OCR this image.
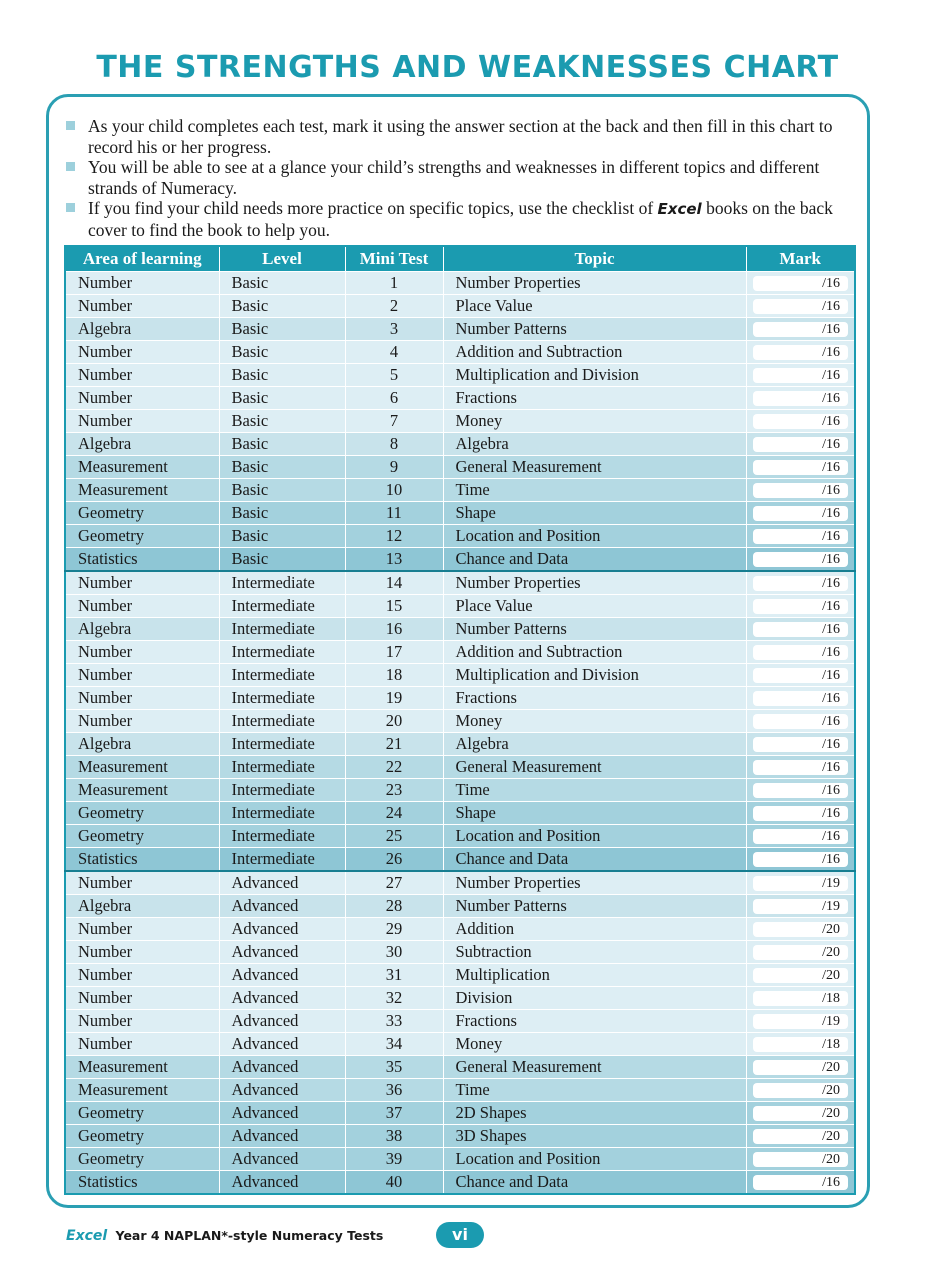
THE STRENGTHS AND WEAKNESSES CHART
As your child completes each test, mark it using the answer section at the back and then fill in this chart to record his or her progress.
You will be able to see at a glance your child’s strengths and weaknesses in different topics and different strands of Numeracy.
If you find your child needs more practice on specific topics, use the checklist of Excel books on the back cover to find the book to help you.
Area of learning	Level	Mini Test	Topic	Mark
Number	Basic	1	Number Properties	/16

Number	Basic	2	Place Value	/16

Algebra	Basic	3	Number Patterns	/16

Number	Basic	4	Addition and Subtraction	/16

Number	Basic	5	Multiplication and Division	/16

Number	Basic	6	Fractions	/16

Number	Basic	7	Money	/16

Algebra	Basic	8	Algebra	/16

Measurement	Basic	9	General Measurement	/16

Measurement	Basic	10	Time	/16

Geometry	Basic	11	Shape	/16

Geometry	Basic	12	Location and Position	/16

Statistics	Basic	13	Chance and Data	/16

Number	Intermediate	14	Number Properties	/16

Number	Intermediate	15	Place Value	/16

Algebra	Intermediate	16	Number Patterns	/16

Number	Intermediate	17	Addition and Subtraction	/16

Number	Intermediate	18	Multiplication and Division	/16

Number	Intermediate	19	Fractions	/16

Number	Intermediate	20	Money	/16

Algebra	Intermediate	21	Algebra	/16

Measurement	Intermediate	22	General Measurement	/16

Measurement	Intermediate	23	Time	/16

Geometry	Intermediate	24	Shape	/16

Geometry	Intermediate	25	Location and Position	/16

Statistics	Intermediate	26	Chance and Data	/16

Number	Advanced	27	Number Properties	/19

Algebra	Advanced	28	Number Patterns	/19

Number	Advanced	29	Addition	/20

Number	Advanced	30	Subtraction	/20

Number	Advanced	31	Multiplication	/20

Number	Advanced	32	Division	/18

Number	Advanced	33	Fractions	/19

Number	Advanced	34	Money	/18

Measurement	Advanced	35	General Measurement	/20

Measurement	Advanced	36	Time	/20

Geometry	Advanced	37	2D Shapes	/20

Geometry	Advanced	38	3D Shapes	/20

Geometry	Advanced	39	Location and Position	/20

Statistics	Advanced	40	Chance and Data	/16
Excel Year 4 NAPLAN*-style Numeracy Tests	vi
